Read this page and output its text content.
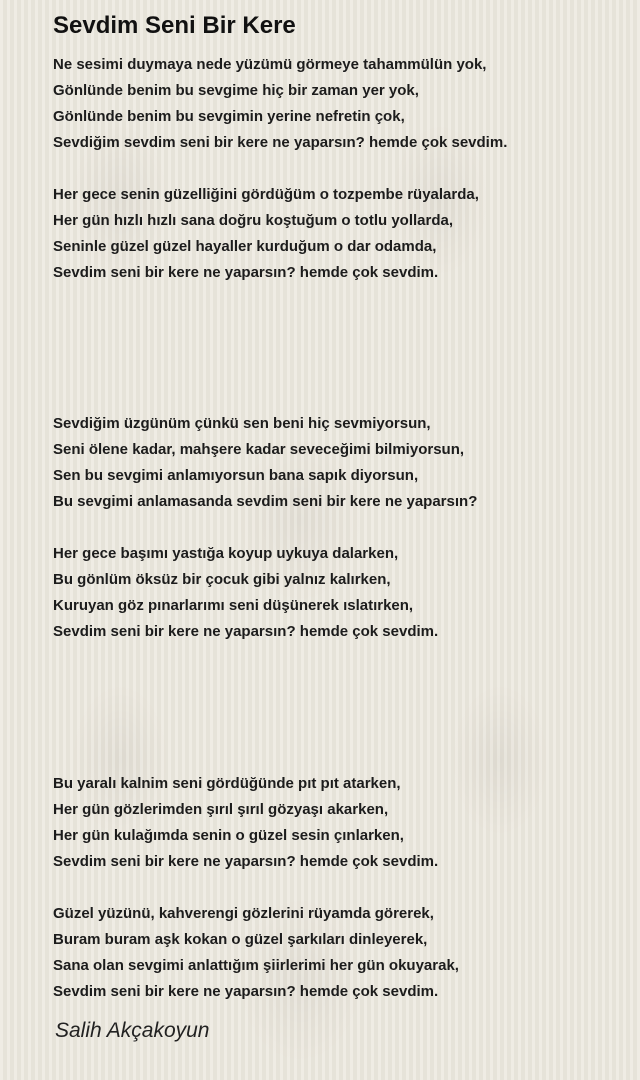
Sevdim Seni Bir Kere
Ne sesimi duymaya nede yüzümü görmeye tahammülün yok,
Gönlünde benim bu sevgime hiç bir zaman yer yok,
Gönlünde benim bu sevgimin yerine nefretin çok,
Sevdiğim sevdim seni bir kere ne yaparsın? hemde çok sevdim.
Her gece senin güzelliğini gördüğüm o tozpembe rüyalarda,
Her gün hızlı hızlı sana doğru koştuğum o totlu yollarda,
Seninle güzel güzel hayaller kurduğum o dar odamda,
Sevdim seni bir kere ne yaparsın? hemde çok sevdim.
Sevdiğim üzgünüm çünkü sen beni hiç sevmiyorsun,
Seni ölene kadar, mahşere kadar seveceğimi bilmiyorsun,
Sen bu sevgimi anlamıyorsun bana sapık diyorsun,
Bu sevgimi anlamasanda sevdim seni bir kere ne yaparsın?
Her gece başımı yastığa koyup uykuya dalarken,
Bu gönlüm öksüz bir çocuk gibi yalnız kalırken,
Kuruyan göz pınarlarımı seni düşünerek ıslatırken,
Sevdim seni bir kere ne yaparsın? hemde çok sevdim.
Bu yaralı kalnim seni gördüğünde pıt pıt atarken,
Her gün gözlerimden şırıl şırıl gözyaşı akarken,
Her gün kulağımda senin o güzel sesin çınlarken,
Sevdim seni bir kere ne yaparsın? hemde çok sevdim.
Güzel yüzünü, kahverengi gözlerini rüyamda görerek,
Buram buram aşk kokan o güzel şarkıları dinleyerek,
Sana olan sevgimi anlattığım şiirlerimi her gün okuyarak,
Sevdim seni bir kere ne yaparsın? hemde çok sevdim.
Salih Akçakoyun
